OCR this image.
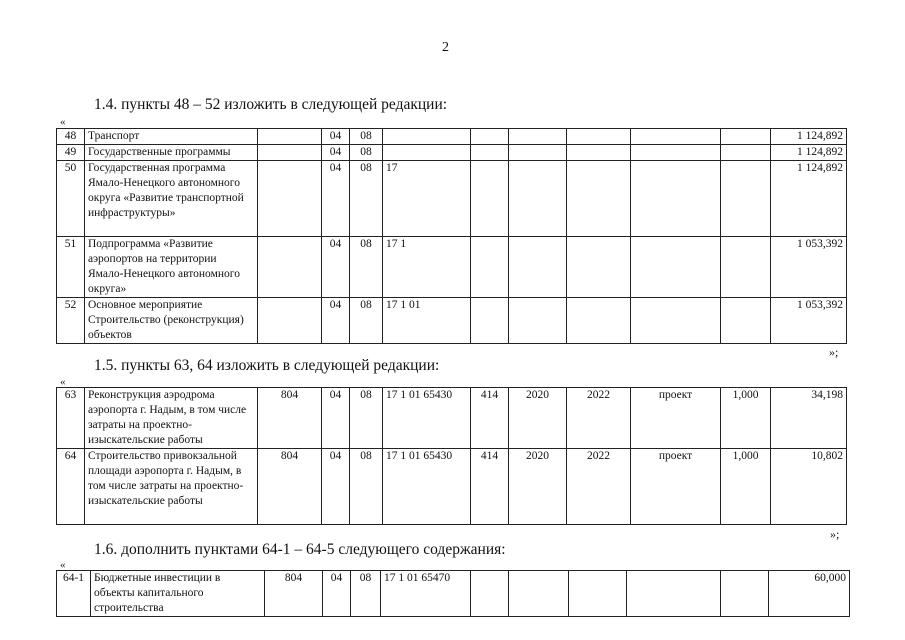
2
1.4. пункты 48 – 52 изложить в следующей редакции:
«
48	Транспорт		04	08							1 124,892
49	Государственные программы		04	08							1 124,892
50	Государственная программа Ямало-Ненецкого автономного округа «Развитие транспортной инфраструктуры»		04	08	17						1 124,892
51	Подпрограмма «Развитие аэропортов на территории Ямало-Ненецкого автономного округа»		04	08	17 1						1 053,392
52	Основное мероприятие Строительство (реконструкция) объектов		04	08	17 1 01						1 053,392
»;
1.5. пункты 63, 64 изложить в следующей редакции:
«
63	Реконструкция аэродрома аэропорта г. Надым, в том числе затраты на проектно-изыскательские работы	804	04	08	17 1 01 65430	414	2020	2022	проект	1,000	34,198
64	Строительство привокзальной площади аэропорта г. Надым, в том числе затраты на проектно-изыскательские работы	804	04	08	17 1 01 65430	414	2020	2022	проект	1,000	10,802
»;
1.6. дополнить пунктами 64-1 – 64-5 следующего содержания:
«
64-1	Бюджетные инвестиции в объекты капитального строительства	804	04	08	17 1 01 65470						60,000
